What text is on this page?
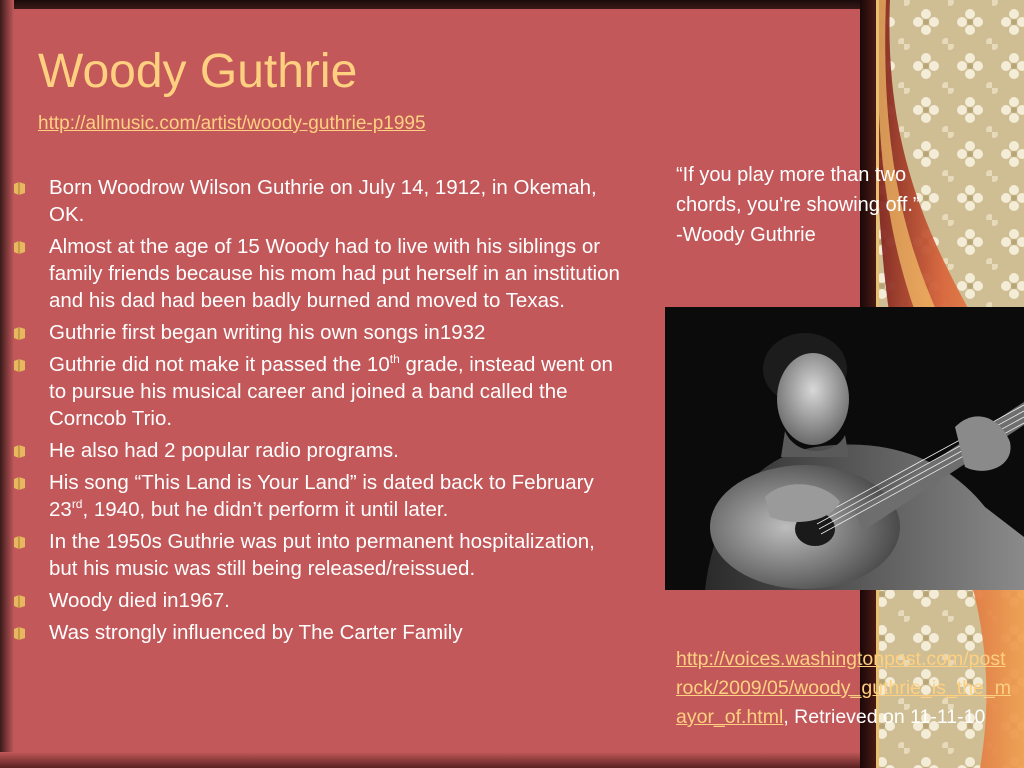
Woody Guthrie
http://allmusic.com/artist/woody-guthrie-p1995
Born Woodrow Wilson Guthrie on July 14, 1912, in Okemah, OK.
Almost at the age of 15 Woody had to live with his siblings or family friends because his mom had put herself in an institution and his dad had been badly burned and moved to Texas.
Guthrie first began writing his own songs in1932
Guthrie did not make it passed the 10th grade, instead went on to pursue his musical career and joined a band called the Corncob Trio.
He also had 2 popular radio programs.
His song “This Land is Your Land” is dated back to February 23rd, 1940, but he didn’t perform it until later.
In the 1950s Guthrie was put into permanent hospitalization, but his music was still being released/reissued.
Woody died in1967.
Was strongly influenced by The Carter Family
“If you play more than two
chords, you're showing off.”
-Woody Guthrie
http://voices.washingtonpost.com/postrock/2009/05/woody_guthrie_is_the_mayor_of.html, Retrieved on 11-11-10
